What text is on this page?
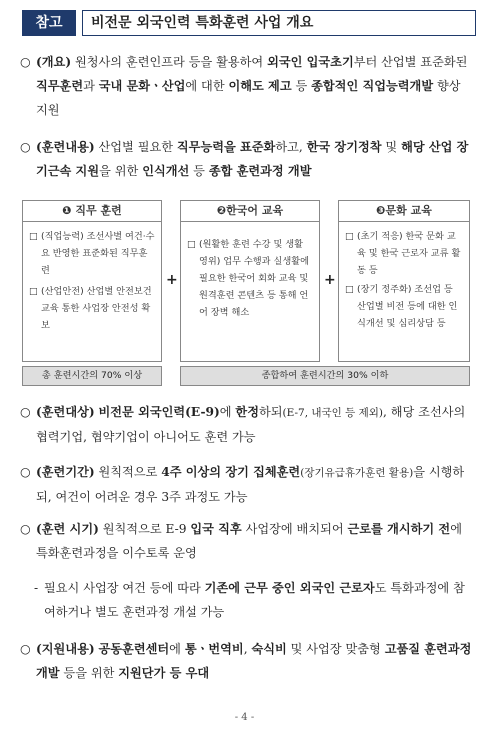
참고	비전문 외국인력 특화훈련 사업 개요
○ (개요) 원청사의 훈련인프라 등을 활용하여 외국인 입국초기부터 산업별 표준화된 직무훈련과 국내 문화ㆍ산업에 대한 이해도 제고 등 종합적인 직업능력개발 향상 지원
○ (훈련내용) 산업별 필요한 직무능력을 표준화하고, 한국 장기정착 및 해당 산업 장기근속 지원을 위한 인식개선 등 종합 훈련과정 개발
❶ 직무 훈련
□ (직업능력) 조선사별 여건·수요 반영한 표준화된 직무훈련
□ (산업안전) 산업별 안전보건교육 통한 사업장 안전성 확보
+
❷한국어 교육
□ (원활한 훈련 수강 및 생활 영위) 업무 수행과 실생활에 필요한 한국어 회화 교육 및 원격훈련 콘텐츠 등 통해 언어 장벽 해소
+
❸문화 교육
□ (초기 적응) 한국 문화 교육 및 한국 근로자 교류 활동 등
□ (장기 정주화) 조선업 등 산업별 비전 등에 대한 인식개선 및 심리상담 등
총 훈련시간의 70% 이상	종합하여 훈련시간의 30% 이하
○ (훈련대상) 비전문 외국인력(E-9)에 한정하되(E-7, 내국인 등 제외), 해당 조선사의 협력기업, 협약기업이 아니어도 훈련 가능
○ (훈련기간) 원칙적으로 4주 이상의 장기 집체훈련(장기유급휴가훈련 활용)을 시행하되, 여건이 어려운 경우 3주 과정도 가능
○ (훈련 시기) 원칙적으로 E-9 입국 직후 사업장에 배치되어 근로를 개시하기 전에 특화훈련과정을 이수토록 운영
- 필요시 사업장 여건 등에 따라 기존에 근무 중인 외국인 근로자도 특화과정에 참여하거나 별도 훈련과정 개설 가능
○ (지원내용) 공동훈련센터에 통ㆍ번역비, 숙식비 및 사업장 맞춤형 고품질 훈련과정 개발 등을 위한 지원단가 등 우대
- 4 -
